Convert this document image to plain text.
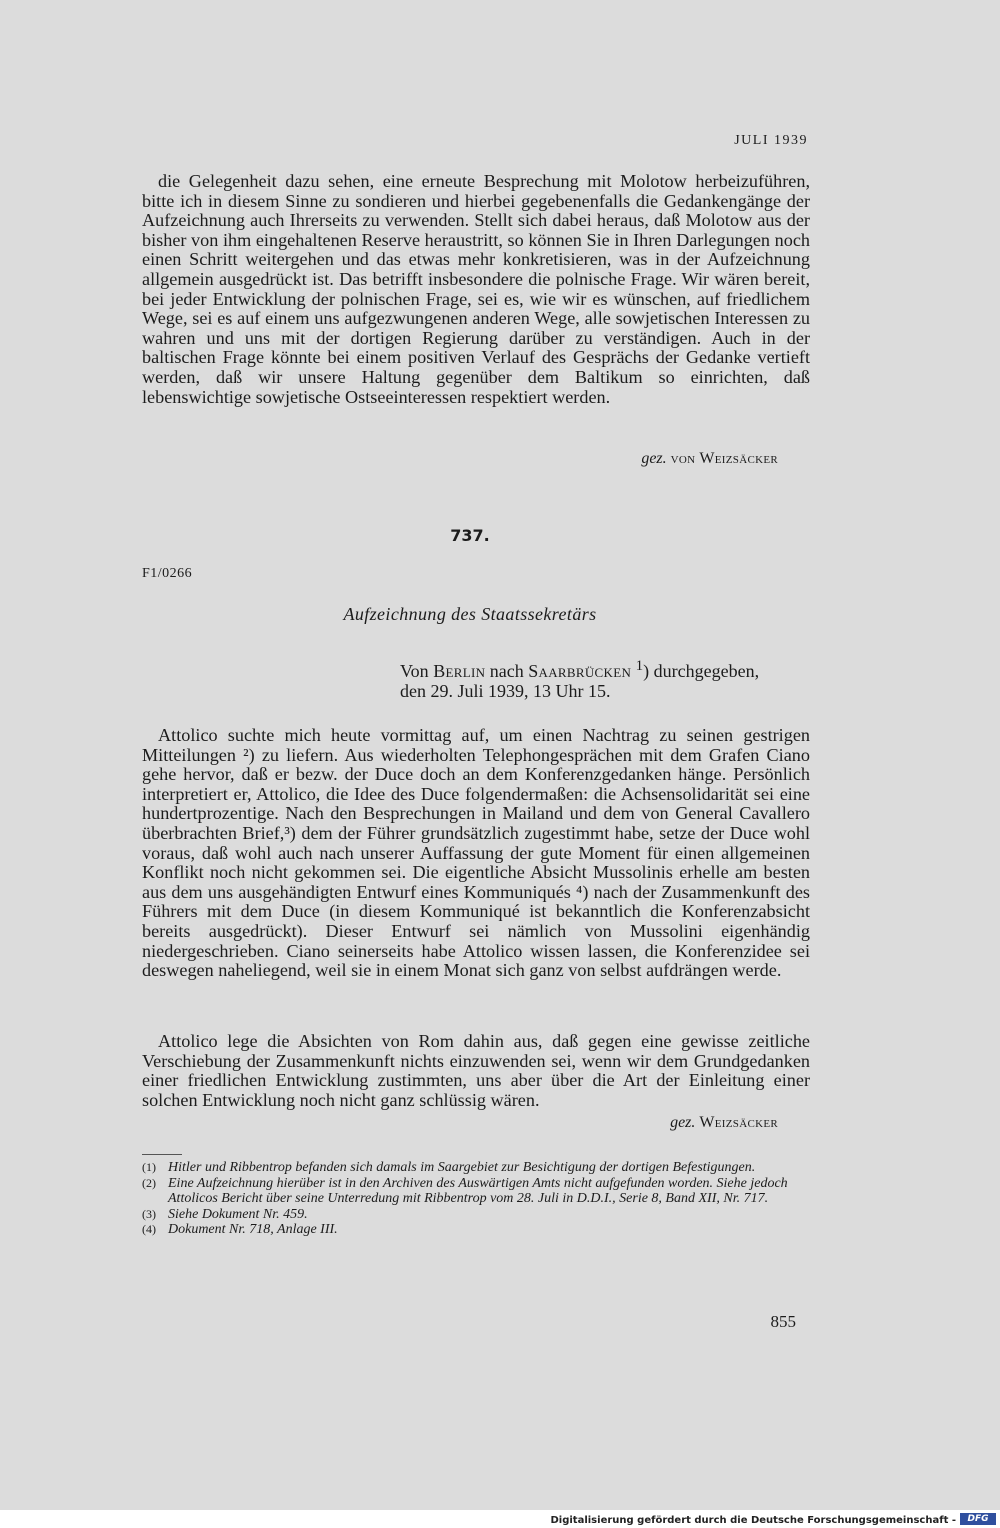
JULI 1939

die Gelegenheit dazu sehen, eine erneute Besprechung mit Molotow herbeizuführen, bitte ich in diesem Sinne zu sondieren und hierbei gegebenenfalls die Gedankengänge der Aufzeichnung auch Ihrerseits zu verwenden. Stellt sich dabei heraus, daß Molotow aus der bisher von ihm eingehaltenen Reserve heraustritt, so können Sie in Ihren Darlegungen noch einen Schritt weitergehen und das etwas mehr konkretisieren, was in der Aufzeichnung allgemein ausgedrückt ist. Das betrifft insbesondere die polnische Frage. Wir wären bereit, bei jeder Entwicklung der polnischen Frage, sei es, wie wir es wünschen, auf friedlichem Wege, sei es auf einem uns aufgezwungenen anderen Wege, alle sowjetischen Interessen zu wahren und uns mit der dortigen Regierung darüber zu verständigen. Auch in der baltischen Frage könnte bei einem positiven Verlauf des Gesprächs der Gedanke vertieft werden, daß wir unsere Haltung gegenüber dem Baltikum so einrichten, daß lebenswichtige sowjetische Ostseeinteressen respektiert werden.

gez. von Weizsäcker
737.
F1/0266
Aufzeichnung des Staatssekretärs
Von Berlin nach Saarbrücken $^1$) durchgegeben,
den 29. Juli 1939, 13 Uhr 15.

Attolico suchte mich heute vormittag auf, um einen Nachtrag zu seinen gestrigen Mitteilungen ²) zu liefern. Aus wiederholten Telephongesprächen mit dem Grafen Ciano gehe hervor, daß er bezw. der Duce doch an dem Konferenzgedanken hänge. Persönlich interpretiert er, Attolico, die Idee des Duce folgendermaßen: die Achsensolidarität sei eine hundertprozentige. Nach den Besprechungen in Mailand und dem von General Cavallero überbrachten Brief,³) dem der Führer grundsätzlich zugestimmt habe, setze der Duce wohl voraus, daß wohl auch nach unserer Auffassung der gute Moment für einen allgemeinen Konflikt noch nicht gekommen sei. Die eigentliche Absicht Mussolinis erhelle am besten aus dem uns ausgehändigten Entwurf eines Kommuniqués ⁴) nach der Zusammenkunft des Führers mit dem Duce (in diesem Kommuniqué ist bekanntlich die Konferenzabsicht bereits ausgedrückt). Dieser Entwurf sei nämlich von Mussolini eigenhändig niedergeschrieben. Ciano seinerseits habe Attolico wissen lassen, die Konferenzidee sei deswegen naheliegend, weil sie in einem Monat sich ganz von selbst aufdrängen werde.

Attolico lege die Absichten von Rom dahin aus, daß gegen eine gewisse zeitliche Verschiebung der Zusammenkunft nichts einzuwenden sei, wenn wir dem Grundgedanken einer friedlichen Entwicklung zustimmten, uns aber über die Art der Einleitung einer solchen Entwicklung noch nicht ganz schlüssig wären.

gez. Weizsäcker
(1) Hitler und Ribbentrop befanden sich damals im Saargebiet zur Besichtigung der dortigen Befestigungen.
(2) Eine Aufzeichnung hierüber ist in den Archiven des Auswärtigen Amts nicht aufgefunden worden. Siehe jedoch Attolicos Bericht über seine Unterredung mit Ribbentrop vom 28. Juli in D.D.I., Serie 8, Band XII, Nr. 717.
(3) Siehe Dokument Nr. 459.
(4) Dokument Nr. 718, Anlage III.
855
Digitalisierung gefördert durch die Deutsche Forschungsgemeinschaft -	DFG
